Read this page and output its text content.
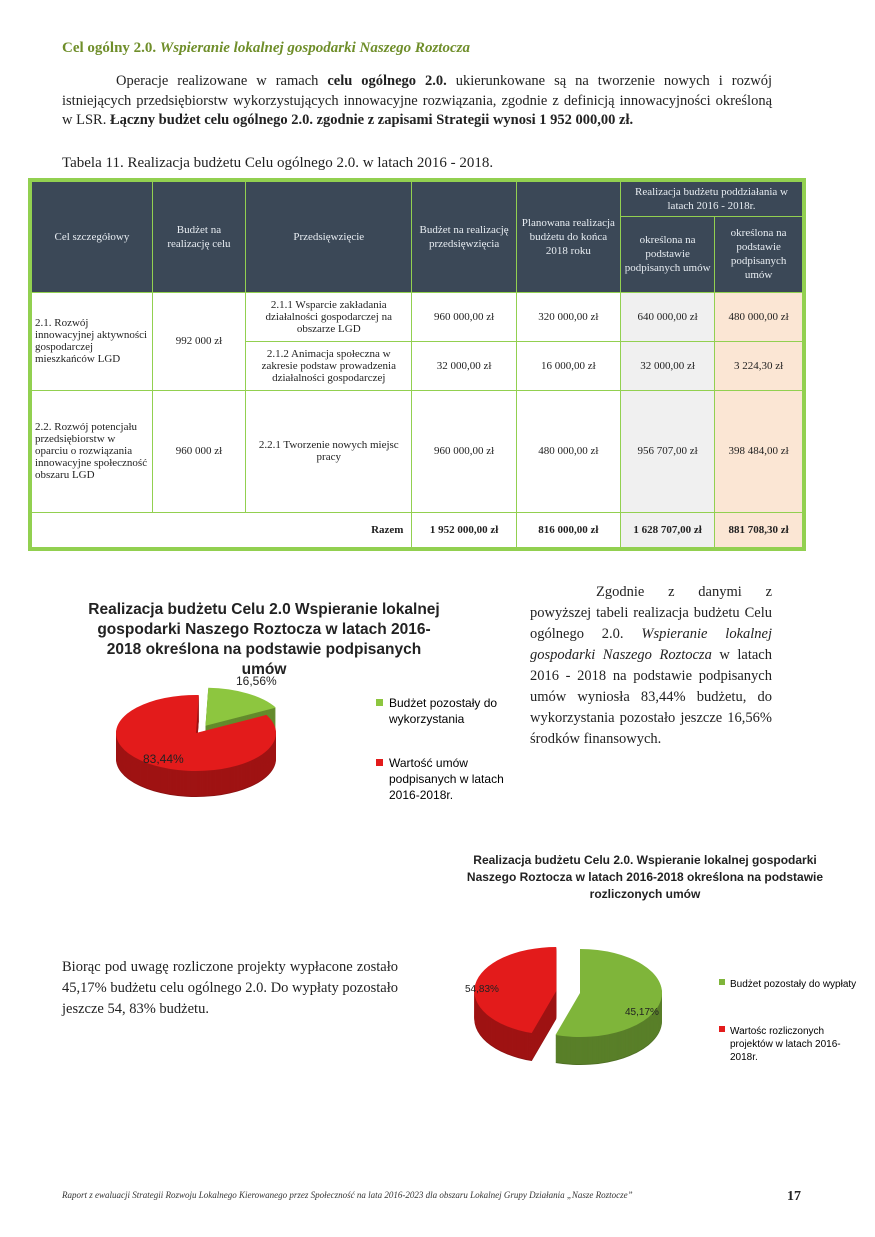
Cel ogólny 2.0. Wspieranie lokalnej gospodarki Naszego Roztocza
Operacje realizowane w ramach celu ogólnego 2.0. ukierunkowane są na tworzenie nowych i rozwój istniejących przedsiębiorstw wykorzystujących innowacyjne rozwiązania, zgodnie z definicją innowacyjności określoną w LSR. Łączny budżet celu ogólnego 2.0. zgodnie z zapisami Strategii wynosi 1 952 000,00 zł.
Tabela 11. Realizacja budżetu Celu ogólnego 2.0. w latach 2016 - 2018.
Cel szczegółowy	Budżet na realizację celu	Przedsięwzięcie	Budżet na realizację przedsięwzięcia	Planowana realizacja budżetu do końca 2018 roku	Realizacja budżetu poddziałania w latach 2016 - 2018r.	
					określona na podstawie podpisanych umów	określona na podstawie podpisanych umów
2.1. Rozwój innowacyjnej aktywności gospodarczej mieszkańców LGD	992 000 zł	2.1.1 Wsparcie zakładania działalności gospodarczej na obszarze LGD	960 000,00 zł	320 000,00 zł	640 000,00 zł	480 000,00 zł
		2.1.2 Animacja społeczna w zakresie podstaw prowadzenia działalności gospodarczej	32 000,00 zł	16 000,00 zł	32 000,00 zł	3 224,30 zł
2.2. Rozwój potencjału przedsiębiorstw w oparciu o rozwiązania innowacyjne społeczność obszaru LGD	960 000 zł	2.2.1 Tworzenie nowych miejsc pracy	960 000,00 zł	480 000,00 zł	956 707,00 zł	398 484,00 zł
Razem			1 952 000,00 zł	816 000,00 zł	1 628 707,00 zł	881 708,30 zł
Realizacja budżetu Celu 2.0 Wspieranie lokalnej gospodarki Naszego Roztocza w latach 2016-2018 określona na podstawie podpisanych umów
16,56%
83,44%
Budżet pozostały do wykorzystania
Wartość umów podpisanych w latach 2016-2018r.
Zgodnie z danymi z powyższej tabeli realizacja budżetu Celu ogólnego 2.0. Wspieranie lokalnej gospodarki Naszego Roztocza w latach 2016 - 2018 na podstawie podpisanych umów wyniosła 83,44% budżetu, do wykorzystania pozostało jeszcze 16,56% środków finansowych.
Realizacja budżetu Celu 2.0. Wspieranie lokalnej gospodarki Naszego Roztocza w latach 2016-2018 określona na podstawie rozliczonych umów
54,83%
45,17%
Budżet pozostały do wypłaty
Wartośc rozliczonych projektów w latach 2016-2018r.
Biorąc pod uwagę rozliczone projekty wypłacone zostało 45,17% budżetu celu ogólnego 2.0. Do wypłaty pozostało jeszcze 54, 83% budżetu.
Raport z ewaluacji Strategii Rozwoju Lokalnego Kierowanego przez Społeczność na lata 2016-2023 dla obszaru Lokalnej Grupy Działania „Nasze Roztocze”	17
